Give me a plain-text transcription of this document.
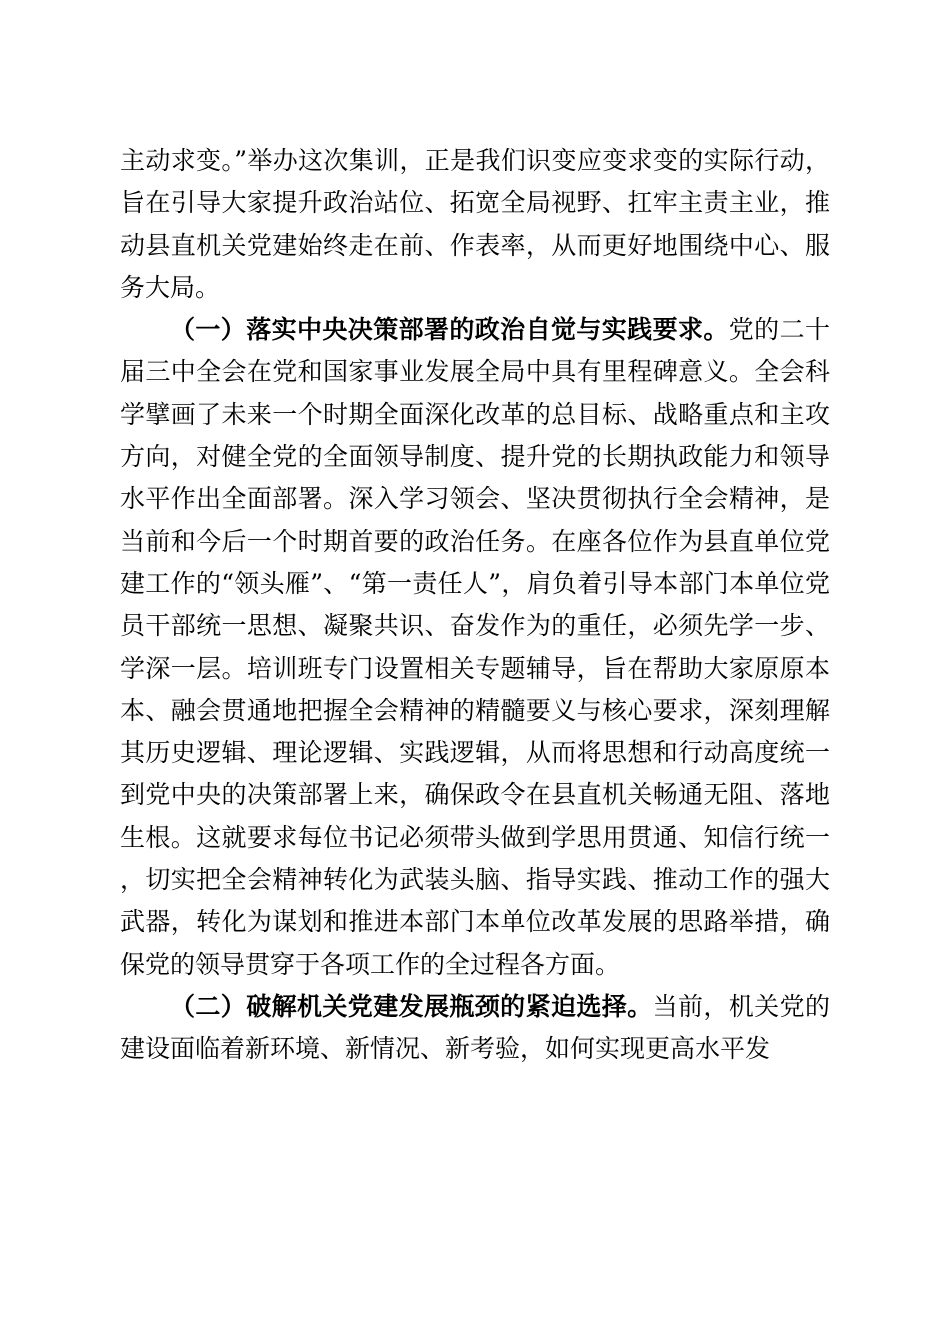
主动求变。”举办这次集训，正是我们识变应变求变的实际行动，旨在引导大家提升政治站位、拓宽全局视野、扛牢主责主业，推动县直机关党建始终走在前、作表率，从而更好地围绕中心、服务大局。

（一）落实中央决策部署的政治自觉与实践要求。党的二十届三中全会在党和国家事业发展全局中具有里程碑意义。全会科学擘画了未来一个时期全面深化改革的总目标、战略重点和主攻方向，对健全党的全面领导制度、提升党的长期执政能力和领导水平作出全面部署。深入学习领会、坚决贯彻执行全会精神，是当前和今后一个时期首要的政治任务。在座各位作为县直单位党建工作的“领头雁”、“第一责任人”，肩负着引导本部门本单位党员干部统一思想、凝聚共识、奋发作为的重任，必须先学一步、学深一层。培训班专门设置相关专题辅导，旨在帮助大家原原本本、融会贯通地把握全会精神的精髓要义与核心要求，深刻理解其历史逻辑、理论逻辑、实践逻辑，从而将思想和行动高度统一到党中央的决策部署上来，确保政令在县直机关畅通无阻、落地生根。这就要求每位书记必须带头做到学思用贯通、知信行统一，切实把全会精神转化为武装头脑、指导实践、推动工作的强大武器，转化为谋划和推进本部门本单位改革发展的思路举措，确保党的领导贯穿于各项工作的全过程各方面。

（二）破解机关党建发展瓶颈的紧迫选择。当前，机关党的建设面临着新环境、新情况、新考验，如何实现更高水平发
